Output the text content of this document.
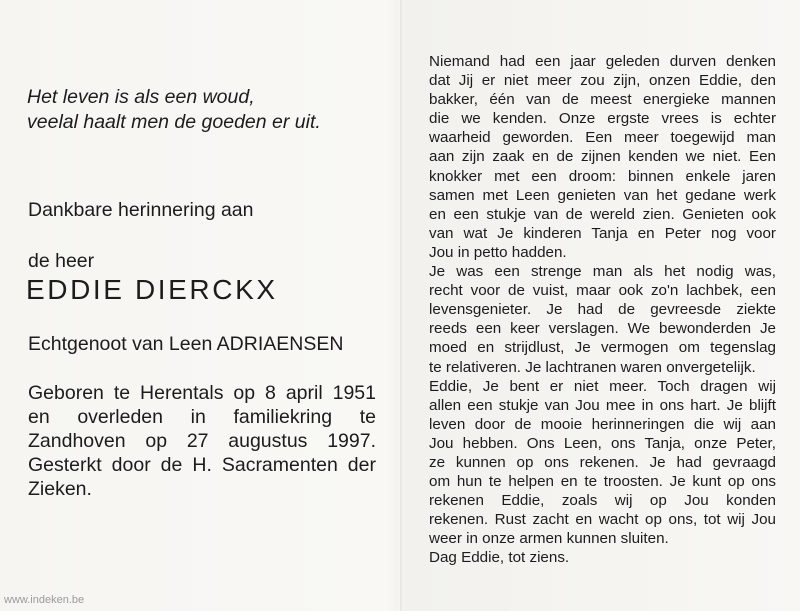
Het leven is als een woud,
veelal haalt men de goeden er uit.
Dankbare herinnering aan
de heer
EDDIE DIERCKX
Echtgenoot van Leen ADRIAENSEN
Geboren te Herentals op 8 april 1951
en overleden in familiekring te
Zandhoven op 27 augustus 1997.
Gesterkt door de H. Sacramenten der
Zieken.
Niemand had een jaar geleden durven denken
dat Jij er niet meer zou zijn, onzen Eddie, den
bakker, één van de meest energieke mannen
die we kenden. Onze ergste vrees is echter
waarheid geworden. Een meer toegewijd man
aan zijn zaak en de zijnen kenden we niet. Een
knokker met een droom: binnen enkele jaren
samen met Leen genieten van het gedane werk
en een stukje van de wereld zien. Genieten ook
van wat Je kinderen Tanja en Peter nog voor
Jou in petto hadden.
Je was een strenge man als het nodig was,
recht voor de vuist, maar ook zo'n lachbek, een
levensgenieter. Je had de gevreesde ziekte
reeds een keer verslagen. We bewonderden Je
moed en strijdlust, Je vermogen om tegenslag
te relativeren. Je lachtranen waren onvergetelijk.
Eddie, Je bent er niet meer. Toch dragen wij
allen een stukje van Jou mee in ons hart. Je blijft
leven door de mooie herinneringen die wij aan
Jou hebben. Ons Leen, ons Tanja, onze Peter,
ze kunnen op ons rekenen. Je had gevraagd
om hun te helpen en te troosten. Je kunt op ons
rekenen Eddie, zoals wij op Jou konden
rekenen. Rust zacht en wacht op ons, tot wij Jou
weer in onze armen kunnen sluiten.
Dag Eddie, tot ziens.
www.indeken.be
